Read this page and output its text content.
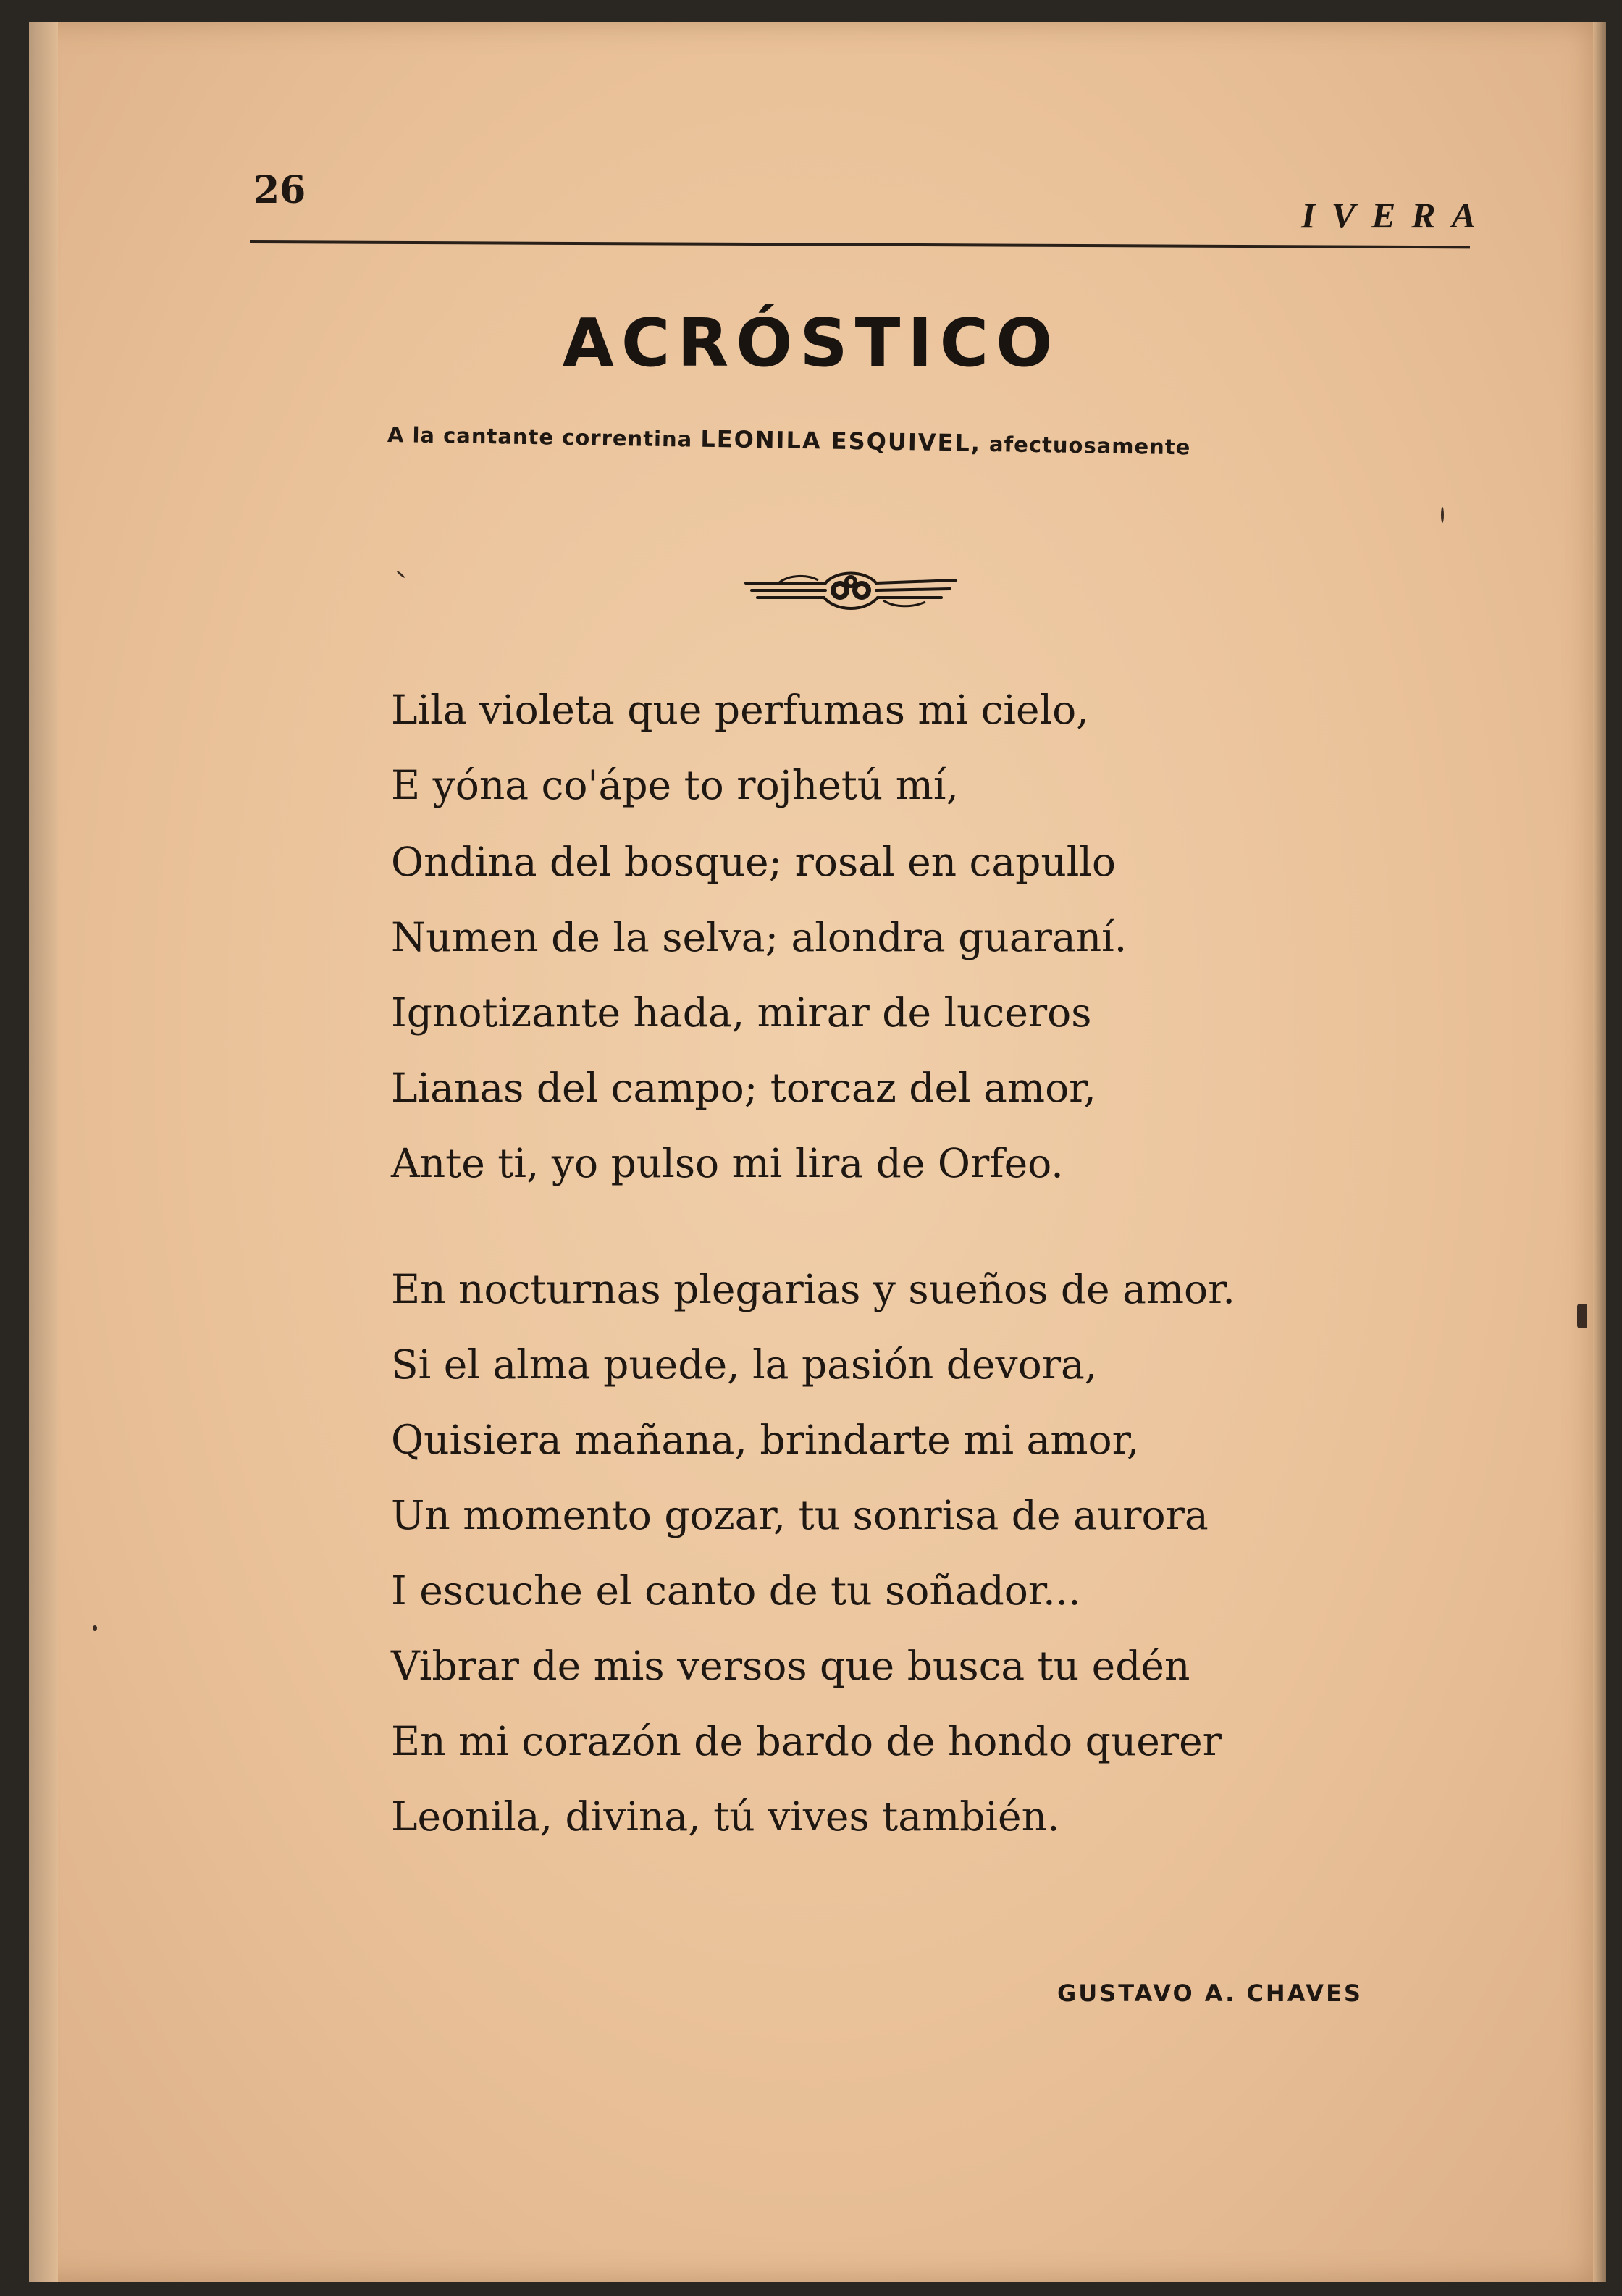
26
IVERA
ACRÓSTICO
A la cantante correntina LEONILA ESQUIVEL, afectuosamente
Lila violeta que perfumas mi cielo,
E yóna co'ápe to rojhetú mí,
Ondina del bosque; rosal en capullo
Numen de la selva; alondra guaraní.
Ignotizante hada, mirar de luceros
Lianas del campo; torcaz del amor,
Ante ti, yo pulso mi lira de Orfeo.
En nocturnas plegarias y sueños de amor.
Si el alma puede, la pasión devora,
Quisiera mañana, brindarte mi amor,
Un momento gozar, tu sonrisa de aurora
I escuche el canto de tu soñador...
Vibrar de mis versos que busca tu edén
En mi corazón de bardo de hondo querer
Leonila, divina, tú vives también.
GUSTAVO A. CHAVES
